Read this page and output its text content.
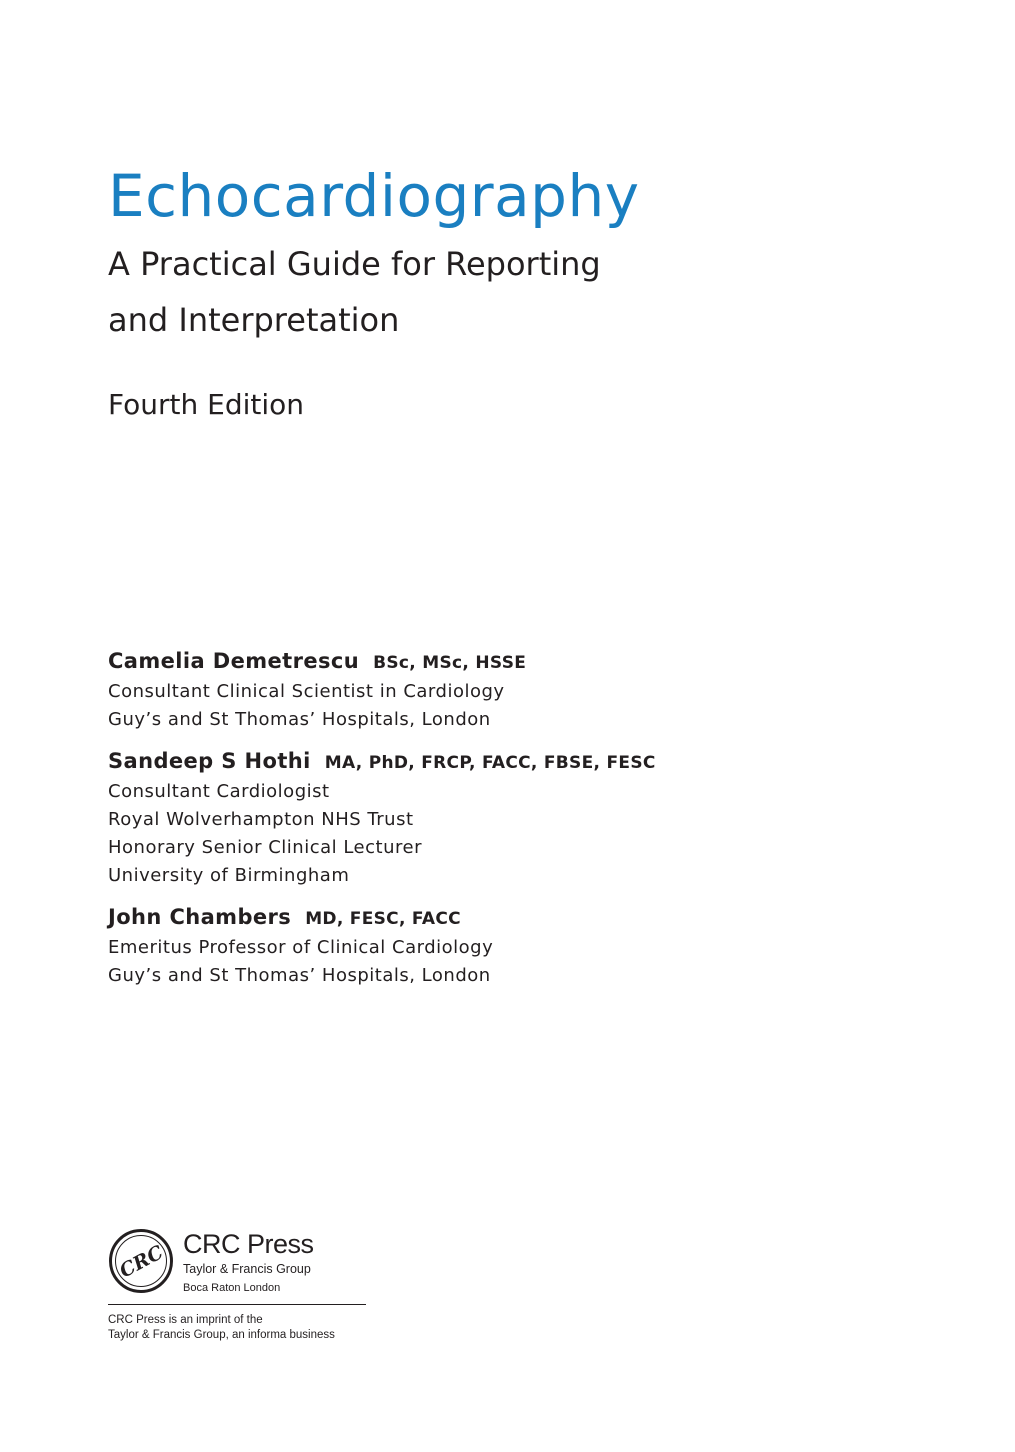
Echocardiography
A Practical Guide for Reporting
and Interpretation
Fourth Edition
Camelia Demetrescu BSc, MSc, HSSE
Consultant Clinical Scientist in Cardiology
Guy’s and St Thomas’ Hospitals, London
Sandeep S Hothi MA, PhD, FRCP, FACC, FBSE, FESC
Consultant Cardiologist
Royal Wolverhampton NHS Trust
Honorary Senior Clinical Lecturer
University of Birmingham
John Chambers MD, FESC, FACC
Emeritus Professor of Clinical Cardiology
Guy’s and St Thomas’ Hospitals, London
CRC CRC Press
Taylor & Francis Group
Boca Raton London
CRC Press is an imprint of the
Taylor & Francis Group, an informa business
